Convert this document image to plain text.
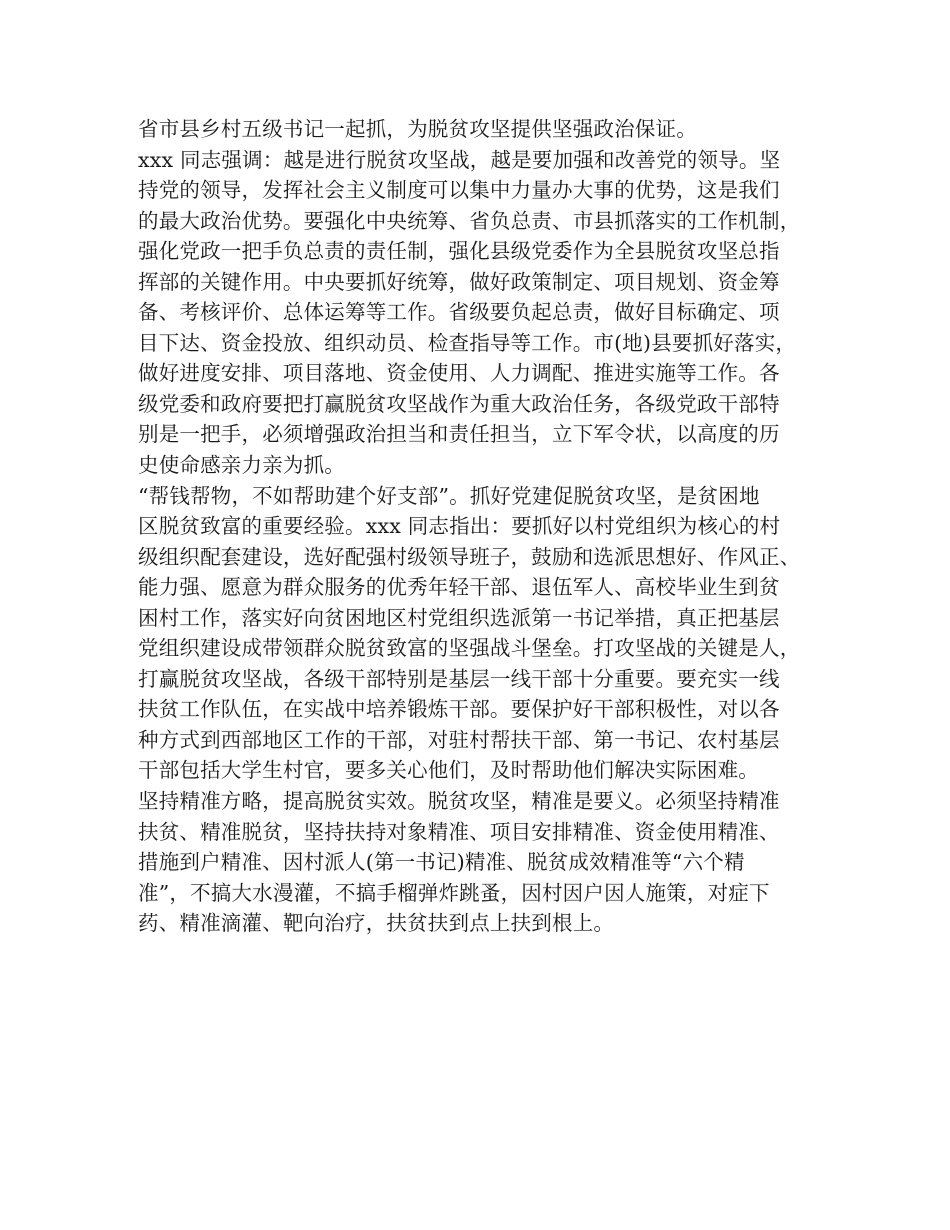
省市县乡村五级书记一起抓，为脱贫攻坚提供坚强政治保证。
xxx 同志强调：越是进行脱贫攻坚战，越是要加强和改善党的领导。坚
持党的领导，发挥社会主义制度可以集中力量办大事的优势，这是我们
的最大政治优势。要强化中央统筹、省负总责、市县抓落实的工作机制，
强化党政一把手负总责的责任制，强化县级党委作为全县脱贫攻坚总指
挥部的关键作用。中央要抓好统筹，做好政策制定、项目规划、资金筹
备、考核评价、总体运筹等工作。省级要负起总责，做好目标确定、项
目下达、资金投放、组织动员、检查指导等工作。市(地)县要抓好落实，
做好进度安排、项目落地、资金使用、人力调配、推进实施等工作。各
级党委和政府要把打赢脱贫攻坚战作为重大政治任务，各级党政干部特
别是一把手，必须增强政治担当和责任担当，立下军令状，以高度的历
史使命感亲力亲为抓。
“帮钱帮物，不如帮助建个好支部”。抓好党建促脱贫攻坚，是贫困地
区脱贫致富的重要经验。xxx 同志指出：要抓好以村党组织为核心的村
级组织配套建设，选好配强村级领导班子，鼓励和选派思想好、作风正、
能力强、愿意为群众服务的优秀年轻干部、退伍军人、高校毕业生到贫
困村工作，落实好向贫困地区村党组织选派第一书记举措，真正把基层
党组织建设成带领群众脱贫致富的坚强战斗堡垒。打攻坚战的关键是人，
打赢脱贫攻坚战，各级干部特别是基层一线干部十分重要。要充实一线
扶贫工作队伍，在实战中培养锻炼干部。要保护好干部积极性，对以各
种方式到西部地区工作的干部，对驻村帮扶干部、第一书记、农村基层
干部包括大学生村官，要多关心他们，及时帮助他们解决实际困难。
坚持精准方略，提高脱贫实效。脱贫攻坚，精准是要义。必须坚持精准
扶贫、精准脱贫，坚持扶持对象精准、项目安排精准、资金使用精准、
措施到户精准、因村派人(第一书记)精准、脱贫成效精准等“六个精
准”，不搞大水漫灌，不搞手榴弹炸跳蚤，因村因户因人施策，对症下
药、精准滴灌、靶向治疗，扶贫扶到点上扶到根上。
